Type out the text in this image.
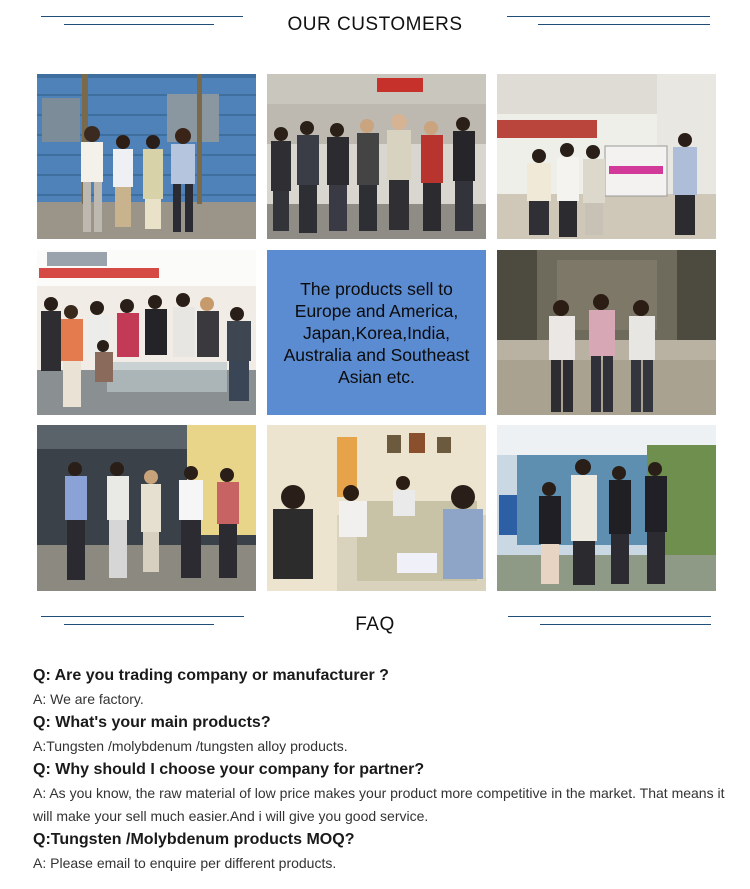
OUR CUSTOMERS
The products sell to Europe and America, Japan,Korea,India, Australia and Southeast Asian etc.
FAQ

Q: Are you trading company or manufacturer ?

A: We are factory.

Q: What's your main products?

A:Tungsten /molybdenum /tungsten alloy products.

Q: Why should I choose your company for partner?

A: As you know, the raw material of low price makes your product more competitive in the market. That means it will make your sell much easier.And i will give you good service.

Q:Tungsten /Molybdenum products MOQ?

A: Please email to enquire per different products.
